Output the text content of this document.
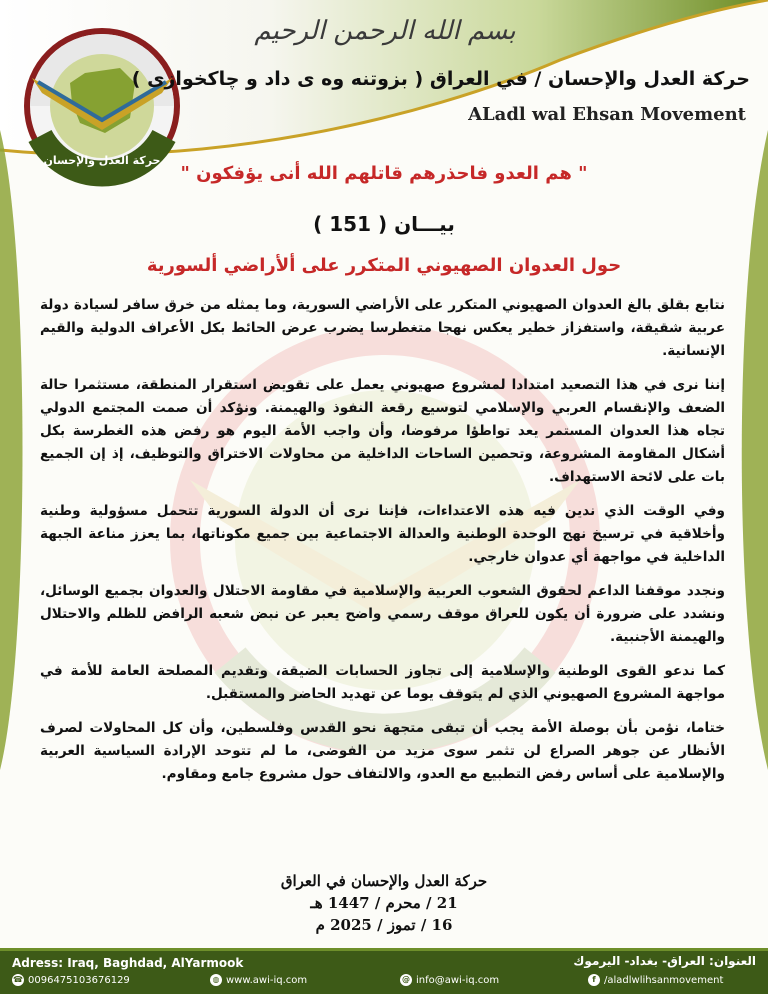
حركة العدل والإحسان
بسم الله الرحمن الرحيم
حركة العدل والإحسان / في العراق ( بزوتنه وه ى داد و چاكخوازى )
ALadl wal Ehsan Movement
" هم العدو فاحذرهم قاتلهم الله أنى يؤفكون "
بيـــان ( 151 )
حول العدوان الصهيوني المتكرر على ألأراضي ألسورية

نتابع بقلق بالغ العدوان الصهيوني المتكرر على الأراضي السورية، وما يمثله من خرق سافر لسيادة دولة عربية شقيقة، واستفزاز خطير يعكس نهجا متغطرسا يضرب عرض الحائط بكل الأعراف الدولية والقيم الإنسانية.

إننا نرى في هذا التصعيد امتدادا لمشروع صهيوني يعمل على تقويض استقرار المنطقة، مستثمرا حالة الضعف والإنقسام العربي والإسلامي لتوسيع رقعة النفوذ والهيمنة. ونؤكد أن صمت المجتمع الدولي تجاه هذا العدوان المستمر يعد تواطؤا مرفوضا، وأن واجب الأمة اليوم هو رفض هذه الغطرسة بكل أشكال المقاومة المشروعة، وتحصين الساحات الداخلية من محاولات الاختراق والتوظيف، إذ إن الجميع بات على لائحة الاستهداف.

وفي الوقت الذي ندين فيه هذه الاعتداءات، فإننا نرى أن الدولة السورية تتحمل مسؤولية وطنية وأخلاقية في ترسيخ نهج الوحدة الوطنية والعدالة الاجتماعية بين جميع مكوناتها، بما يعزز مناعة الجبهة الداخلية في مواجهة أي عدوان خارجي.

ونجدد موقفنا الداعم لحقوق الشعوب العربية والإسلامية في مقاومة الاحتلال والعدوان بجميع الوسائل، ونشدد على ضرورة أن يكون للعراق موقف رسمي واضح يعبر عن نبض شعبه الرافض للظلم والاحتلال والهيمنة الأجنبية.

كما ندعو القوى الوطنية والإسلامية إلى تجاوز الحسابات الضيقة، وتقديم المصلحة العامة للأمة في مواجهة المشروع الصهيوني الذي لم يتوقف يوما عن تهديد الحاضر والمستقبل.

ختاما، نؤمن بأن بوصلة الأمة يجب أن تبقى متجهة نحو القدس وفلسطين، وأن كل المحاولات لصرف الأنظار عن جوهر الصراع لن تثمر سوى مزيد من الفوضى، ما لم تتوحد الإرادة السياسية العربية والإسلامية على أساس رفض التطبيع مع العدو، والالتفاف حول مشروع جامع ومقاوم.

حركة العدل والإحسان في العراق
21 / محرم / 1447 هـ
16 / تموز / 2025 م
Adress: Iraq, Baghdad, AlYarmook	العنوان: العراق- بغداد- اليرموك
☎ 00964751036761​29	◍ www.awi-iq.com	@ info@awi-iq.com	f /aladlwlihsanmovement
